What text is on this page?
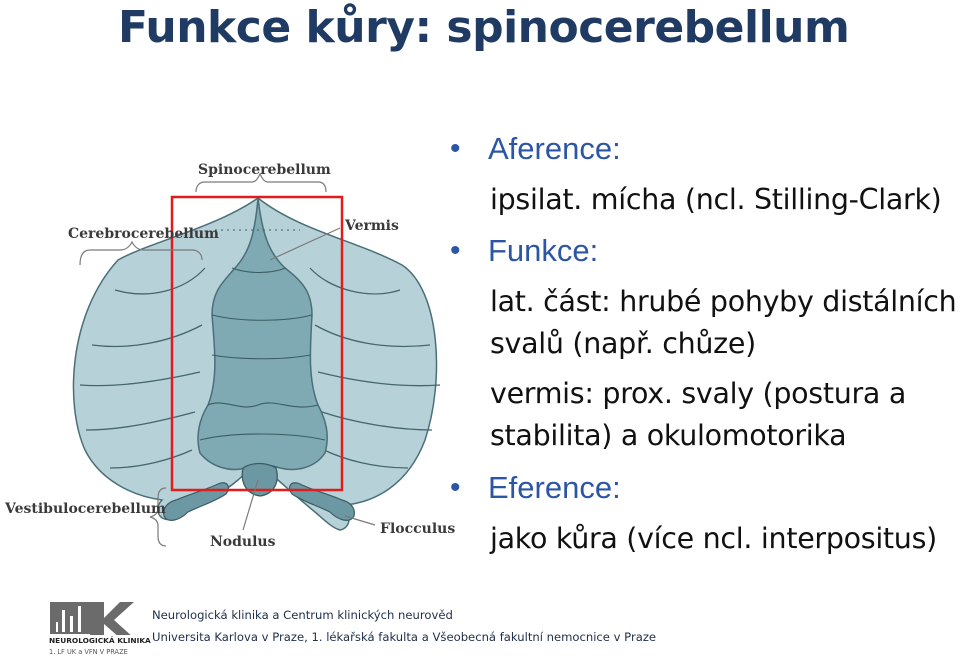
Funkce kůry: spinocerebellum
Spinocerebellum
Cerebrocerebellum	Vermis
Vestibulocerebellum
Nodulus
Flocculus
• Aference:
ipsilat. mícha (ncl. Stilling-Clark)
• Funkce:
lat. část: hrubé pohyby distálních
svalů (např. chůze)
vermis: prox. svaly (postura a
stabilita) a okulomotorika
• Eference:
jako kůra (více ncl. interpositus)
NEUROLOGICKÁ KLINIKA
1. LF UK a VFN V PRAZE
Neurologická klinika a Centrum klinických neurověd
Universita Karlova v Praze, 1. lékařská fakulta a Všeobecná fakultní nemocnice v Praze
